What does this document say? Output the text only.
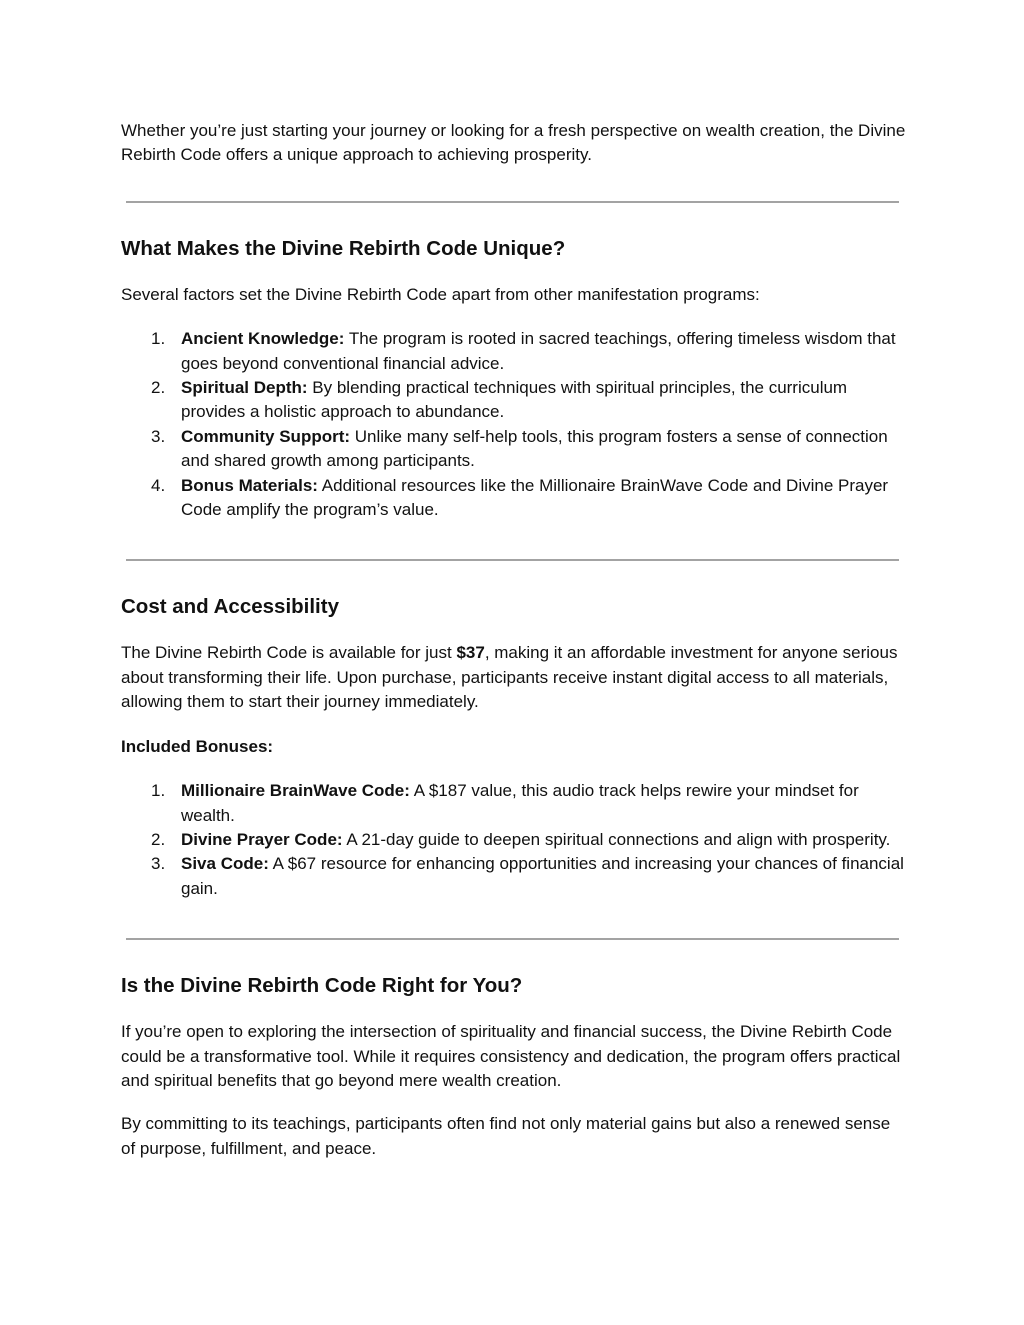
Whether you’re just starting your journey or looking for a fresh perspective on wealth creation, the Divine Rebirth Code offers a unique approach to achieving prosperity.

What Makes the Divine Rebirth Code Unique?

Several factors set the Divine Rebirth Code apart from other manifestation programs:

1. Ancient Knowledge: The program is rooted in sacred teachings, offering timeless wisdom that goes beyond conventional financial advice.
2. Spiritual Depth: By blending practical techniques with spiritual principles, the curriculum provides a holistic approach to abundance.
3. Community Support: Unlike many self-help tools, this program fosters a sense of connection and shared growth among participants.
4. Bonus Materials: Additional resources like the Millionaire BrainWave Code and Divine Prayer Code amplify the program’s value.
Cost and Accessibility

The Divine Rebirth Code is available for just $37, making it an affordable investment for anyone serious about transforming their life. Upon purchase, participants receive instant digital access to all materials, allowing them to start their journey immediately.

Included Bonuses:

1. Millionaire BrainWave Code: A $187 value, this audio track helps rewire your mindset for wealth.
2. Divine Prayer Code: A 21-day guide to deepen spiritual connections and align with prosperity.
3. Siva Code: A $67 resource for enhancing opportunities and increasing your chances of financial gain.
Is the Divine Rebirth Code Right for You?

If you’re open to exploring the intersection of spirituality and financial success, the Divine Rebirth Code could be a transformative tool. While it requires consistency and dedication, the program offers practical and spiritual benefits that go beyond mere wealth creation.

By committing to its teachings, participants often find not only material gains but also a renewed sense of purpose, fulfillment, and peace.
